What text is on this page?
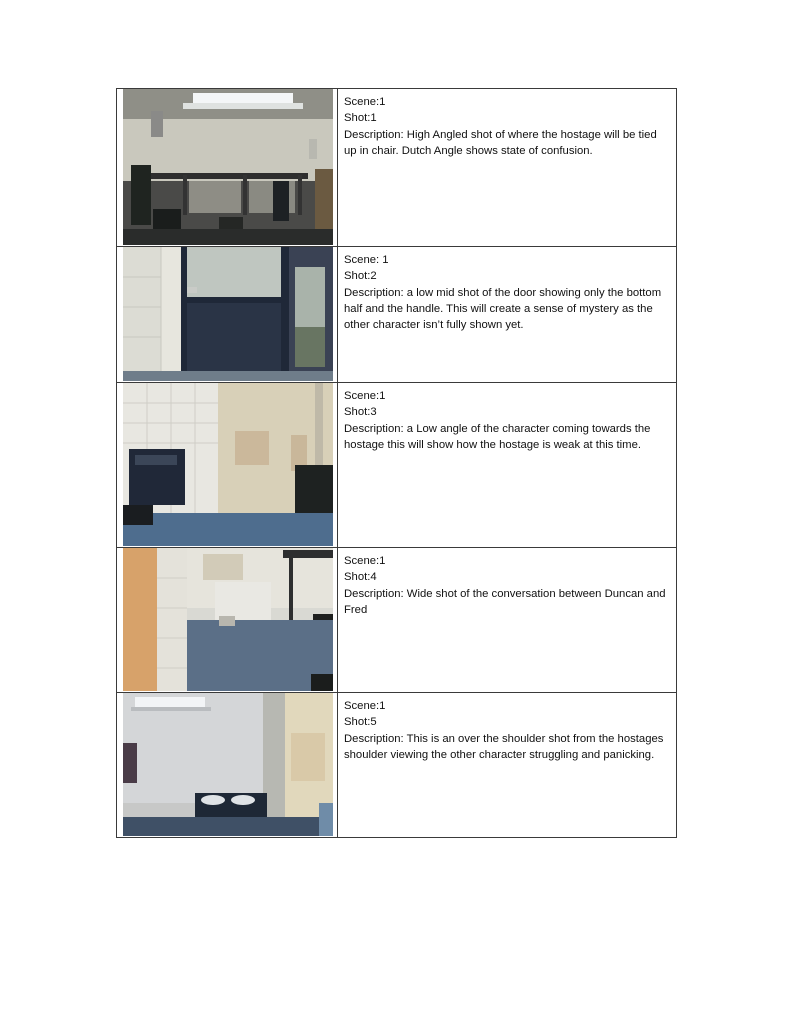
Scene:1
Shot:1
Description: High Angled shot of where the hostage will be tied up in chair. Dutch Angle shows state of confusion.

Scene: 1
Shot:2
Description: a low mid shot of the door showing only the bottom half and the handle. This will create a sense of mystery as the other character isn’t fully shown yet.

Scene:1
Shot:3
Description: a Low angle of the character coming towards the hostage this will show how the hostage is weak at this time.

Scene:1
Shot:4
Description: Wide shot of the conversation between Duncan and Fred

Scene:1
Shot:5
Description: This is an over the shoulder shot from the hostages shoulder viewing the other character struggling and panicking.
